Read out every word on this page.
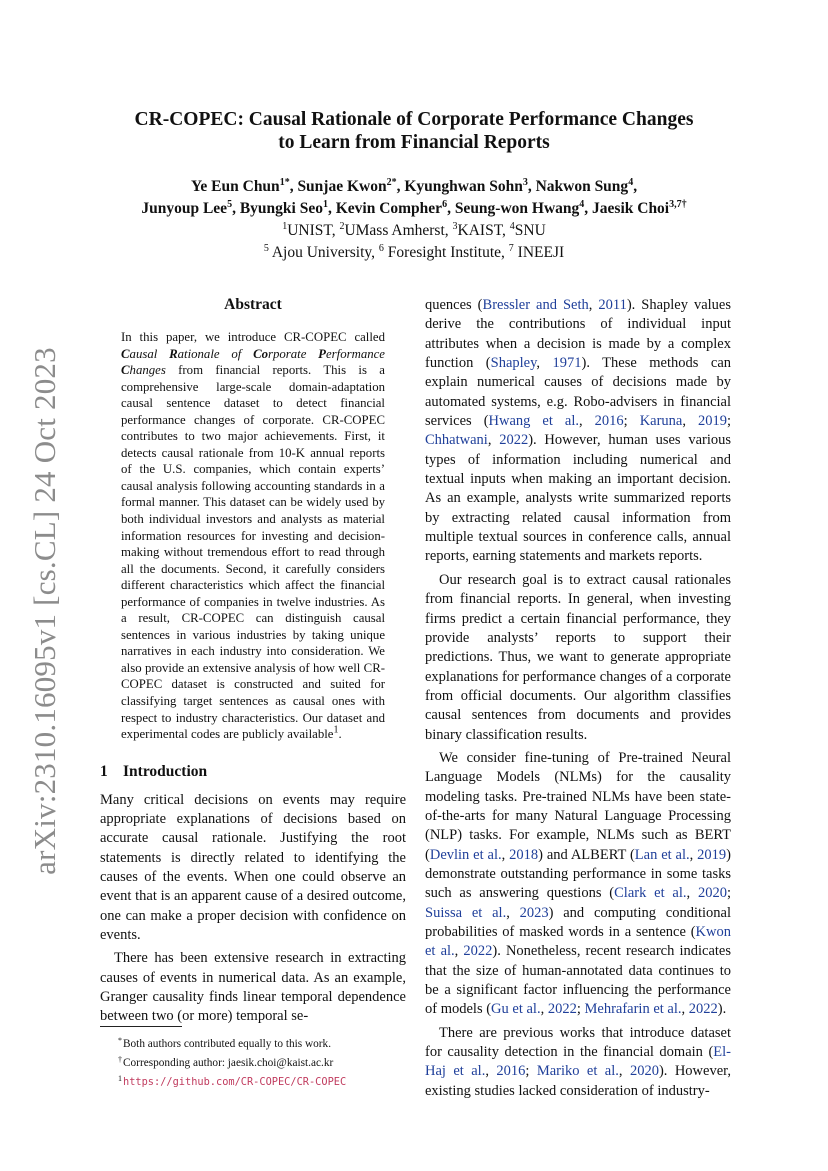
arXiv:2310.16095v1 [cs.CL] 24 Oct 2023
CR-COPEC: Causal Rationale of Corporate Performance Changes
to Learn from Financial Reports
Ye Eun Chun$^{1*}$, Sunjae Kwon$^{2*}$, Kyunghwan Sohn$^3$, Nakwon Sung$^4$,
Junyoup Lee$^5$, Byungki Seo$^1$, Kevin Compher$^6$, Seung-won Hwang$^4$, Jaesik Choi$^{3,7\dagger}$
$^1$UNIST, $^2$UMass Amherst, $^3$KAIST, $^4$SNU
$^5$ Ajou University, $^6$ Foresight Institute, $^7$ INEEJI
Abstract
In this paper, we introduce CR-COPEC called Causal Rationale of Corporate Performance Changes from financial reports. This is a comprehensive large-scale domain-adaptation causal sentence dataset to detect financial performance changes of corporate. CR-COPEC contributes to two major achievements. First, it detects causal rationale from 10-K annual reports of the U.S. companies, which contain experts’ causal analysis following accounting standards in a formal manner. This dataset can be widely used by both individual investors and analysts as material information resources for investing and decision-making without tremendous effort to read through all the documents. Second, it carefully considers different characteristics which affect the financial performance of companies in twelve industries. As a result, CR-COPEC can distinguish causal sentences in various industries by taking unique narratives in each industry into consideration. We also provide an extensive analysis of how well CR-COPEC dataset is constructed and suited for classifying target sentences as causal ones with respect to industry characteristics. Our dataset and experimental codes are publicly available$^1$.
1 Introduction

Many critical decisions on events may require appropriate explanations of decisions based on accurate causal rationale. Justifying the root statements is directly related to identifying the causes of the events. When one could observe an event that is an apparent cause of a desired outcome, one can make a proper decision with confidence on events.

There has been extensive research in extracting causes of events in numerical data. As an example, Granger causality finds linear temporal dependence between two (or more) temporal se-

quences (Bressler and Seth, 2011). Shapley values derive the contributions of individual input attributes when a decision is made by a complex function (Shapley, 1971). These methods can explain numerical causes of decisions made by automated systems, e.g. Robo-advisers in financial services (Hwang et al., 2016; Karuna, 2019; Chhatwani, 2022). However, human uses various types of information including numerical and textual inputs when making an important decision. As an example, analysts write summarized reports by extracting related causal information from multiple textual sources in conference calls, annual reports, earning statements and markets reports.

Our research goal is to extract causal rationales from financial reports. In general, when investing firms predict a certain financial performance, they provide analysts’ reports to support their predictions. Thus, we want to generate appropriate explanations for performance changes of a corporate from official documents. Our algorithm classifies causal sentences from documents and provides binary classification results.

We consider fine-tuning of Pre-trained Neural Language Models (NLMs) for the causality modeling tasks. Pre-trained NLMs have been state-of-the-arts for many Natural Language Processing (NLP) tasks. For example, NLMs such as BERT (Devlin et al., 2018) and ALBERT (Lan et al., 2019) demonstrate outstanding performance in some tasks such as answering questions (Clark et al., 2020; Suissa et al., 2023) and computing conditional probabilities of masked words in a sentence (Kwon et al., 2022). Nonetheless, recent research indicates that the size of human-annotated data continues to be a significant factor influencing the performance of models (Gu et al., 2022; Mehrafarin et al., 2022).

There are previous works that introduce dataset for causality detection in the financial domain (El-Haj et al., 2016; Mariko et al., 2020). However, existing studies lacked consideration of industry-

*Both authors contributed equally to this work.
†Corresponding author: jaesik.choi@kaist.ac.kr
$^1$https://github.com/CR-COPEC/CR-COPEC
